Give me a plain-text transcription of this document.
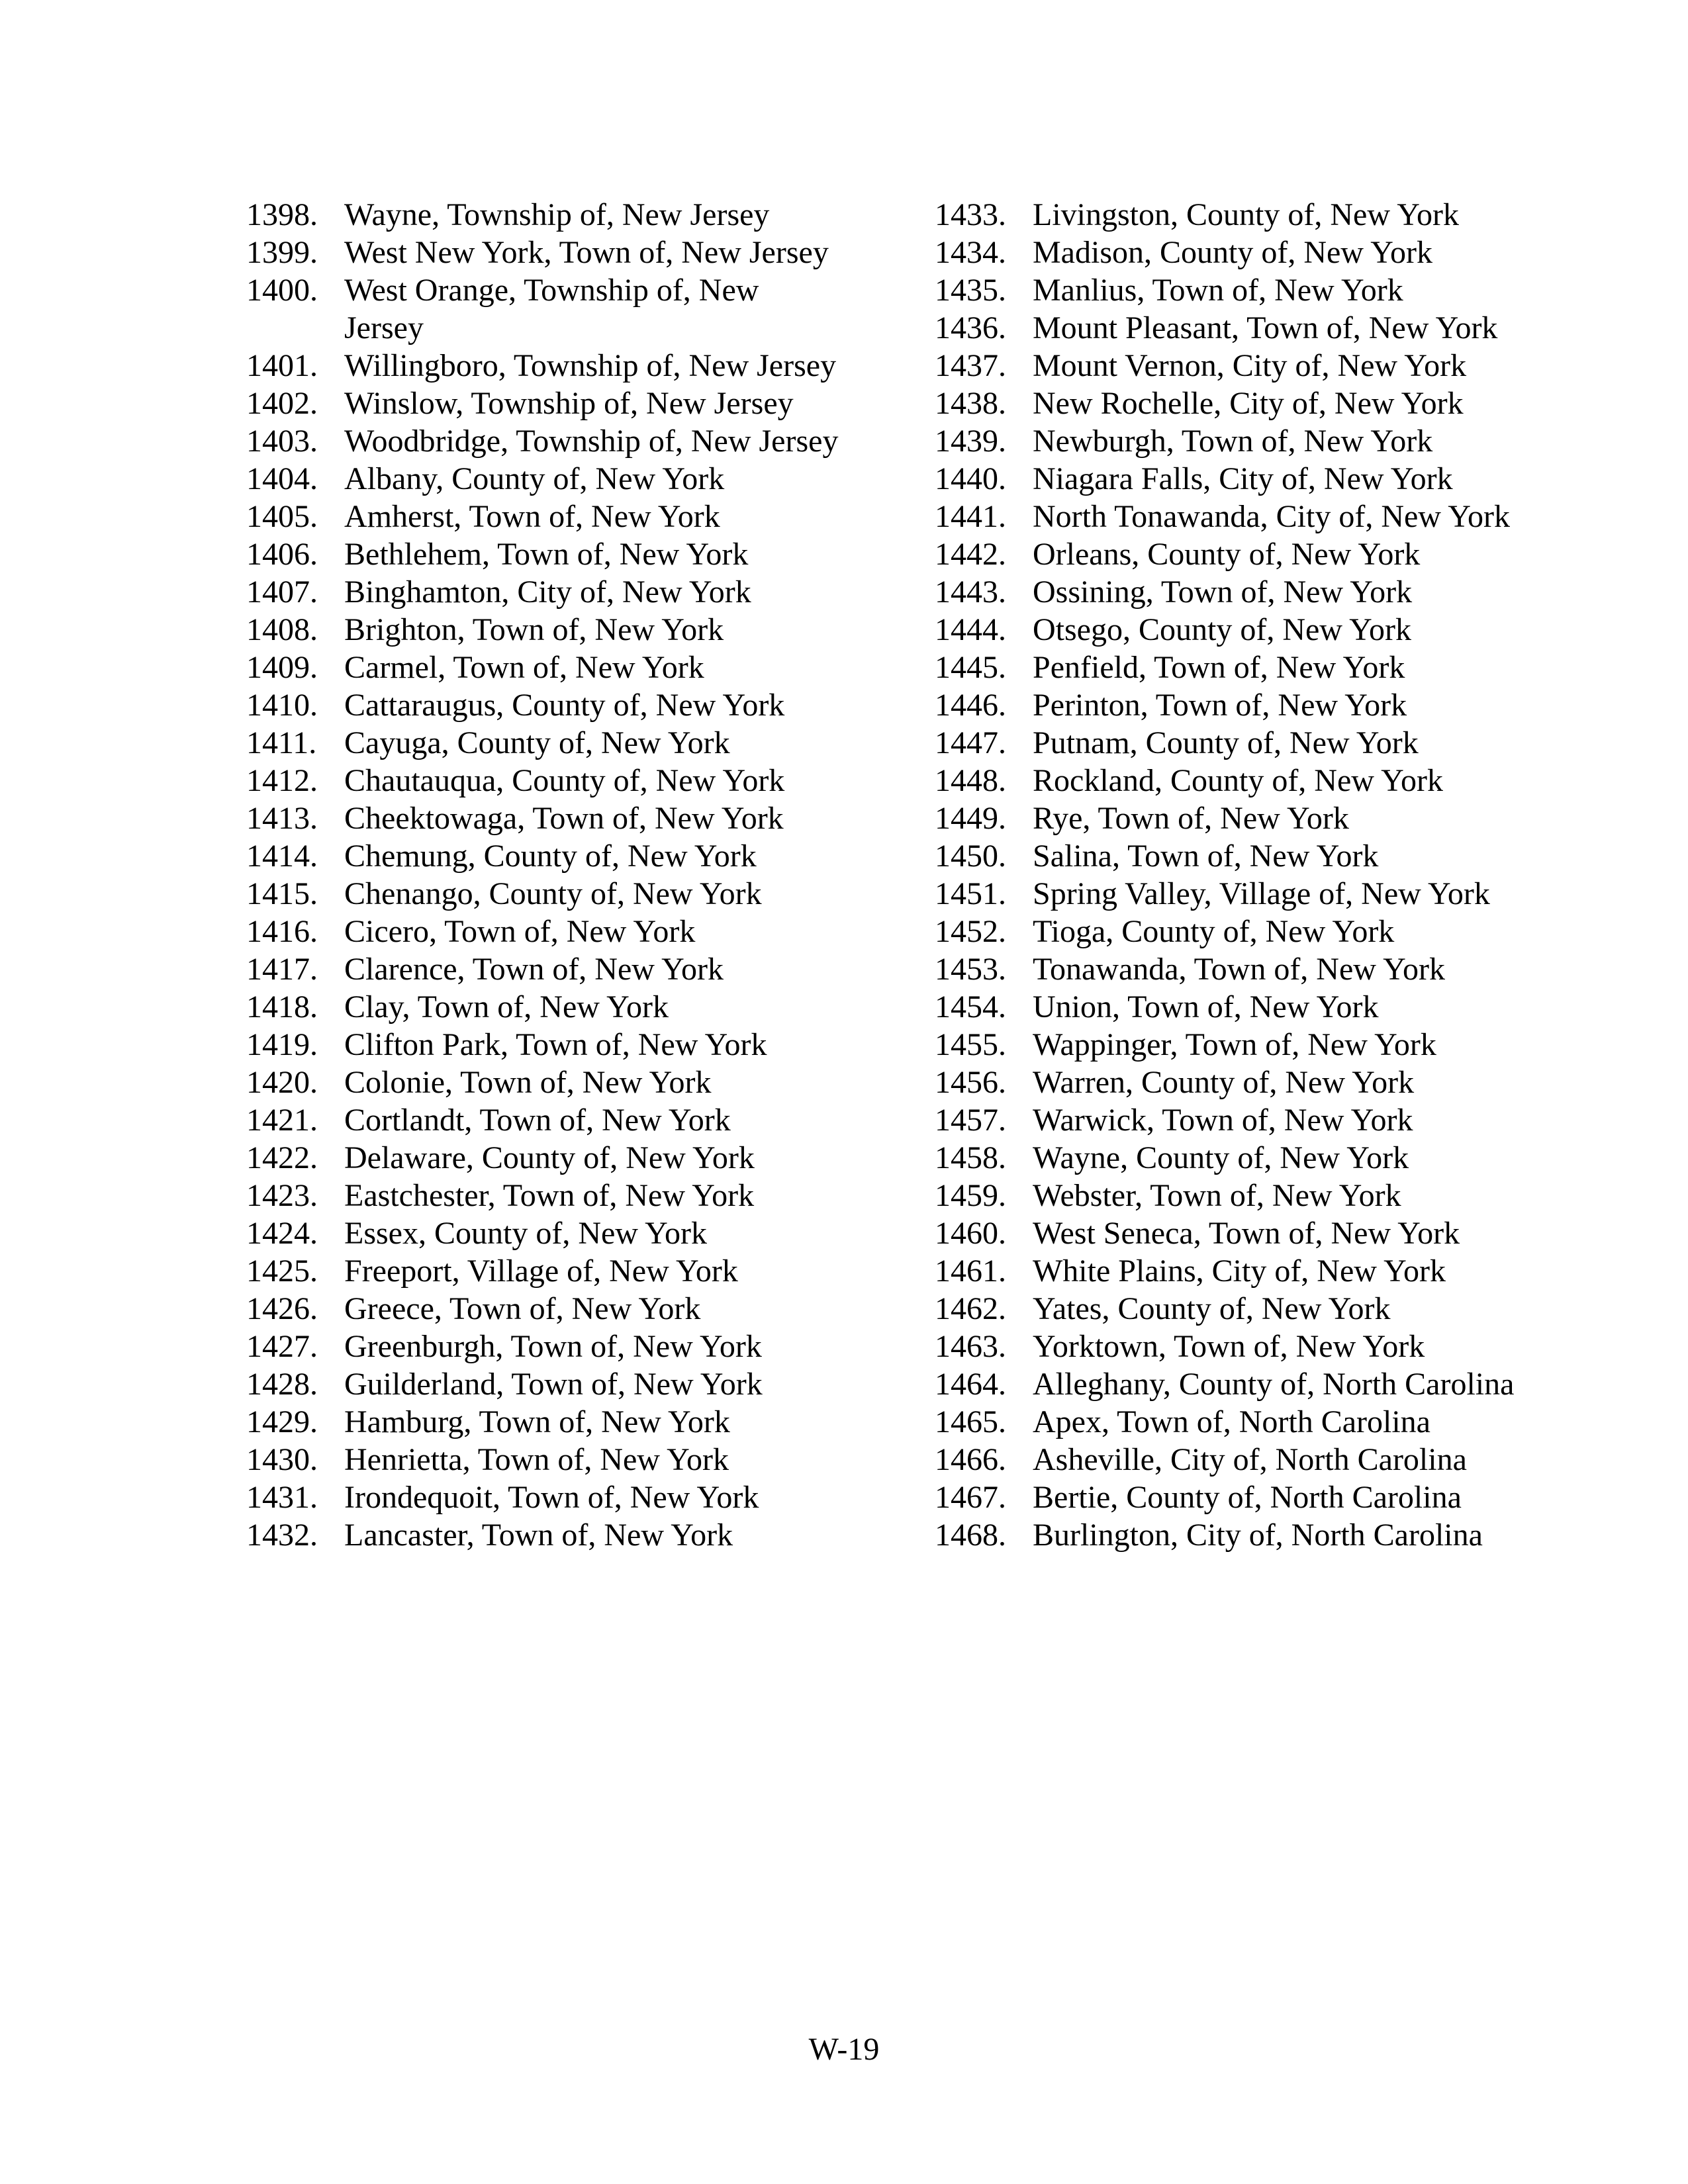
1398. Wayne, Township of, New Jersey
1399. West New York, Town of, New Jersey
1400. West Orange, Township of, New Jersey
1401. Willingboro, Township of, New Jersey
1402. Winslow, Township of, New Jersey
1403. Woodbridge, Township of, New Jersey
1404. Albany, County of, New York
1405. Amherst, Town of, New York
1406. Bethlehem, Town of, New York
1407. Binghamton, City of, New York
1408. Brighton, Town of, New York
1409. Carmel, Town of, New York
1410. Cattaraugus, County of, New York
1411. Cayuga, County of, New York
1412. Chautauqua, County of, New York
1413. Cheektowaga, Town of, New York
1414. Chemung, County of, New York
1415. Chenango, County of, New York
1416. Cicero, Town of, New York
1417. Clarence, Town of, New York
1418. Clay, Town of, New York
1419. Clifton Park, Town of, New York
1420. Colonie, Town of, New York
1421. Cortlandt, Town of, New York
1422. Delaware, County of, New York
1423. Eastchester, Town of, New York
1424. Essex, County of, New York
1425. Freeport, Village of, New York
1426. Greece, Town of, New York
1427. Greenburgh, Town of, New York
1428. Guilderland, Town of, New York
1429. Hamburg, Town of, New York
1430. Henrietta, Town of, New York
1431. Irondequoit, Town of, New York
1432. Lancaster, Town of, New York
1433. Livingston, County of, New York
1434. Madison, County of, New York
1435. Manlius, Town of, New York
1436. Mount Pleasant, Town of, New York
1437. Mount Vernon, City of, New York
1438. New Rochelle, City of, New York
1439. Newburgh, Town of, New York
1440. Niagara Falls, City of, New York
1441. North Tonawanda, City of, New York
1442. Orleans, County of, New York
1443. Ossining, Town of, New York
1444. Otsego, County of, New York
1445. Penfield, Town of, New York
1446. Perinton, Town of, New York
1447. Putnam, County of, New York
1448. Rockland, County of, New York
1449. Rye, Town of, New York
1450. Salina, Town of, New York
1451. Spring Valley, Village of, New York
1452. Tioga, County of, New York
1453. Tonawanda, Town of, New York
1454. Union, Town of, New York
1455. Wappinger, Town of, New York
1456. Warren, County of, New York
1457. Warwick, Town of, New York
1458. Wayne, County of, New York
1459. Webster, Town of, New York
1460. West Seneca, Town of, New York
1461. White Plains, City of, New York
1462. Yates, County of, New York
1463. Yorktown, Town of, New York
1464. Alleghany, County of, North Carolina
1465. Apex, Town of, North Carolina
1466. Asheville, City of, North Carolina
1467. Bertie, County of, North Carolina
1468. Burlington, City of, North Carolina
W-19
